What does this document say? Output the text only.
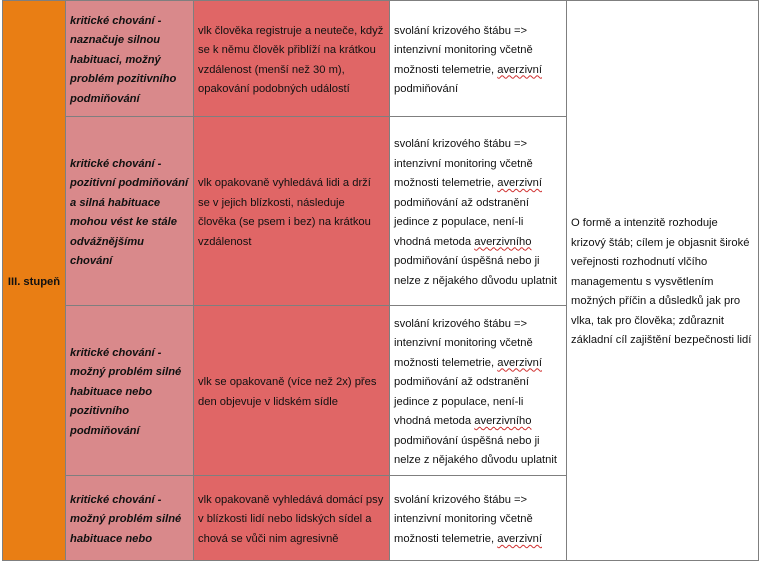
III. stupeň	kritické chování - naznačuje silnou habituaci, možný problém pozitivního podmiňování	vlk člověka registruje a neuteče, když se k němu člověk přiblíží na krátkou vzdálenost (menší než 30 m), opakování podobných událostí	svolání krizového štábu => intenzivní monitoring včetně možnosti telemetrie, averzivní podmiňování	O formě a intenzitě rozhoduje krizový štáb; cílem je objasnit široké veřejnosti rozhodnutí vlčího managementu s vysvětlením možných příčin a důsledků jak pro vlka, tak pro člověka; zdůraznit základní cíl zajištění bezpečnosti lidí
	kritické chování - pozitivní podmiňování a silná habituace mohou vést ke stále odvážnějšímu chování	vlk opakovaně vyhledává lidi a drží se v jejich blízkosti, následuje člověka (se psem i bez) na krátkou vzdálenost	svolání krizového štábu => intenzivní monitoring včetně možnosti telemetrie, averzivní podmiňování až odstranění jedince z populace, není-li vhodná metoda averzivního podmiňování úspěšná nebo ji nelze z nějakého důvodu uplatnit	
	kritické chování - možný problém silné habituace nebo pozitivního podmiňování	vlk se opakovaně (více než 2x) přes den objevuje v lidském sídle	svolání krizového štábu => intenzivní monitoring včetně možnosti telemetrie, averzivní podmiňování až odstranění jedince z populace, není-li vhodná metoda averzivního podmiňování úspěšná nebo ji nelze z nějakého důvodu uplatnit	
	kritické chování - možný problém silné habituace nebo	vlk opakovaně vyhledává domácí psy v blízkosti lidí nebo lidských sídel a chová se vůči nim agresivně	svolání krizového štábu => intenzivní monitoring včetně možnosti telemetrie, averzivní	
